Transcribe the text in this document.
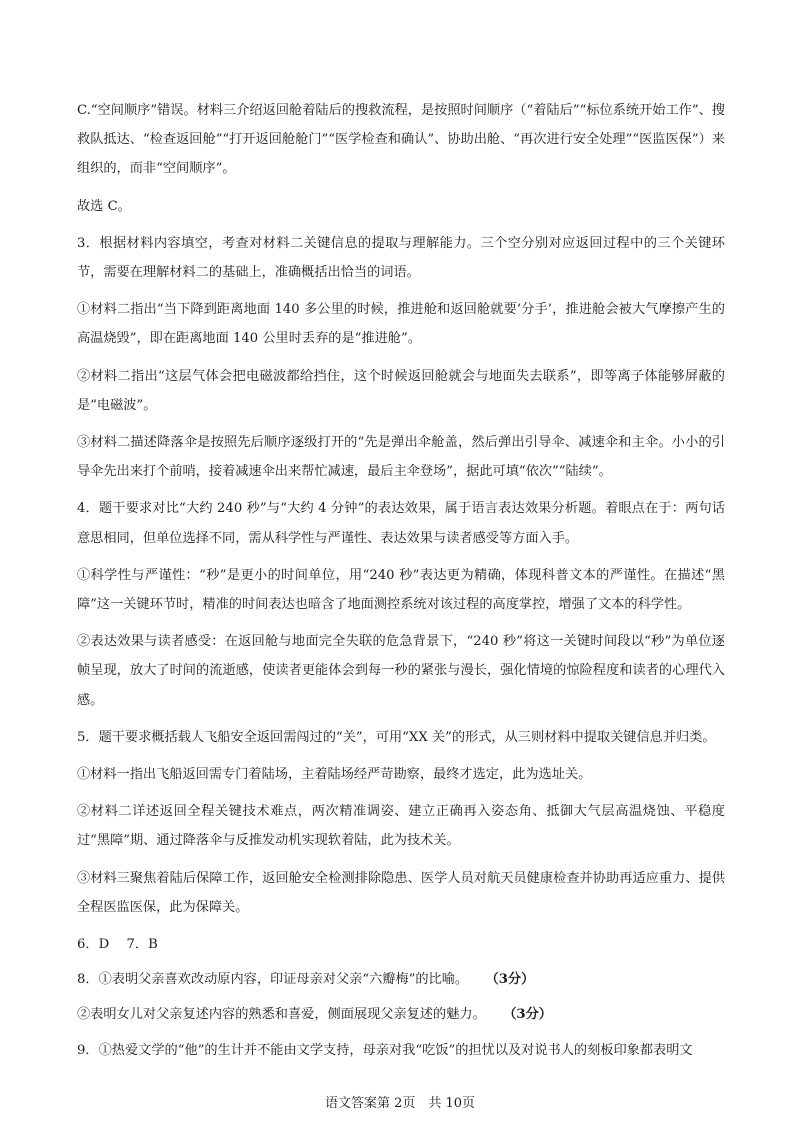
C.“空间顺序”错误。材料三介绍返回舱着陆后的搜救流程，是按照时间顺序（“着陆后”“标位系统开始工作”、搜救队抵达、“检查返回舱”“打开返回舱舱门”“医学检查和确认”、协助出舱、“再次进行安全处理”“医监医保”）来组织的，而非“空间顺序”。

故选 C。

3．根据材料内容填空，考查对材料二关键信息的提取与理解能力。三个空分别对应返回过程中的三个关键环节，需要在理解材料二的基础上，准确概括出恰当的词语。

①材料二指出“当下降到距离地面 140 多公里的时候，推进舱和返回舱就要‘分手’，推进舱会被大气摩擦产生的高温烧毁”，即在距离地面 140 公里时丢弃的是“推进舱”。

②材料二指出“这层气体会把电磁波都给挡住，这个时候返回舱就会与地面失去联系”，即等离子体能够屏蔽的是“电磁波”。

③材料二描述降落伞是按照先后顺序逐级打开的“先是弹出伞舱盖，然后弹出引导伞、减速伞和主伞。小小的引导伞先出来打个前哨，接着减速伞出来帮忙减速，最后主伞登场”，据此可填“依次”“陆续”。

4．题干要求对比“大约 240 秒”与“大约 4 分钟”的表达效果，属于语言表达效果分析题。着眼点在于：两句话意思相同，但单位选择不同，需从科学性与严谨性、表达效果与读者感受等方面入手。

①科学性与严谨性：“秒”是更小的时间单位，用“240 秒”表达更为精确，体现科普文本的严谨性。在描述“黑障”这一关键环节时，精准的时间表达也暗含了地面测控系统对该过程的高度掌控，增强了文本的科学性。

②表达效果与读者感受：在返回舱与地面完全失联的危急背景下，“240 秒”将这一关键时间段以“秒”为单位逐帧呈现，放大了时间的流逝感，使读者更能体会到每一秒的紧张与漫长，强化情境的惊险程度和读者的心理代入感。

5．题干要求概括载人飞船安全返回需闯过的“关”，可用“XX 关”的形式，从三则材料中提取关键信息并归类。

①材料一指出飞船返回需专门着陆场，主着陆场经严苛勘察，最终才选定，此为选址关。

②材料二详述返回全程关键技术难点，两次精准调姿、建立正确再入姿态角、抵御大气层高温烧蚀、平稳度过“黑障”期、通过降落伞与反推发动机实现软着陆，此为技术关。

③材料三聚焦着陆后保障工作，返回舱安全检测排除隐患、医学人员对航天员健康检查并协助再适应重力、提供全程医监医保，此为保障关。

6．D　 7．B

8．①表明父亲喜欢改动原内容，印证母亲对父亲“六瓣梅”的比喻。 （3分）

②表明女儿对父亲复述内容的熟悉和喜爱，侧面展现父亲复述的魅力。 （3分）

9．①热爱文学的“他”的生计并不能由文学支持，母亲对我“吃饭”的担忧以及对说书人的刻板印象都表明文

语文答案第 2页　共 10页
